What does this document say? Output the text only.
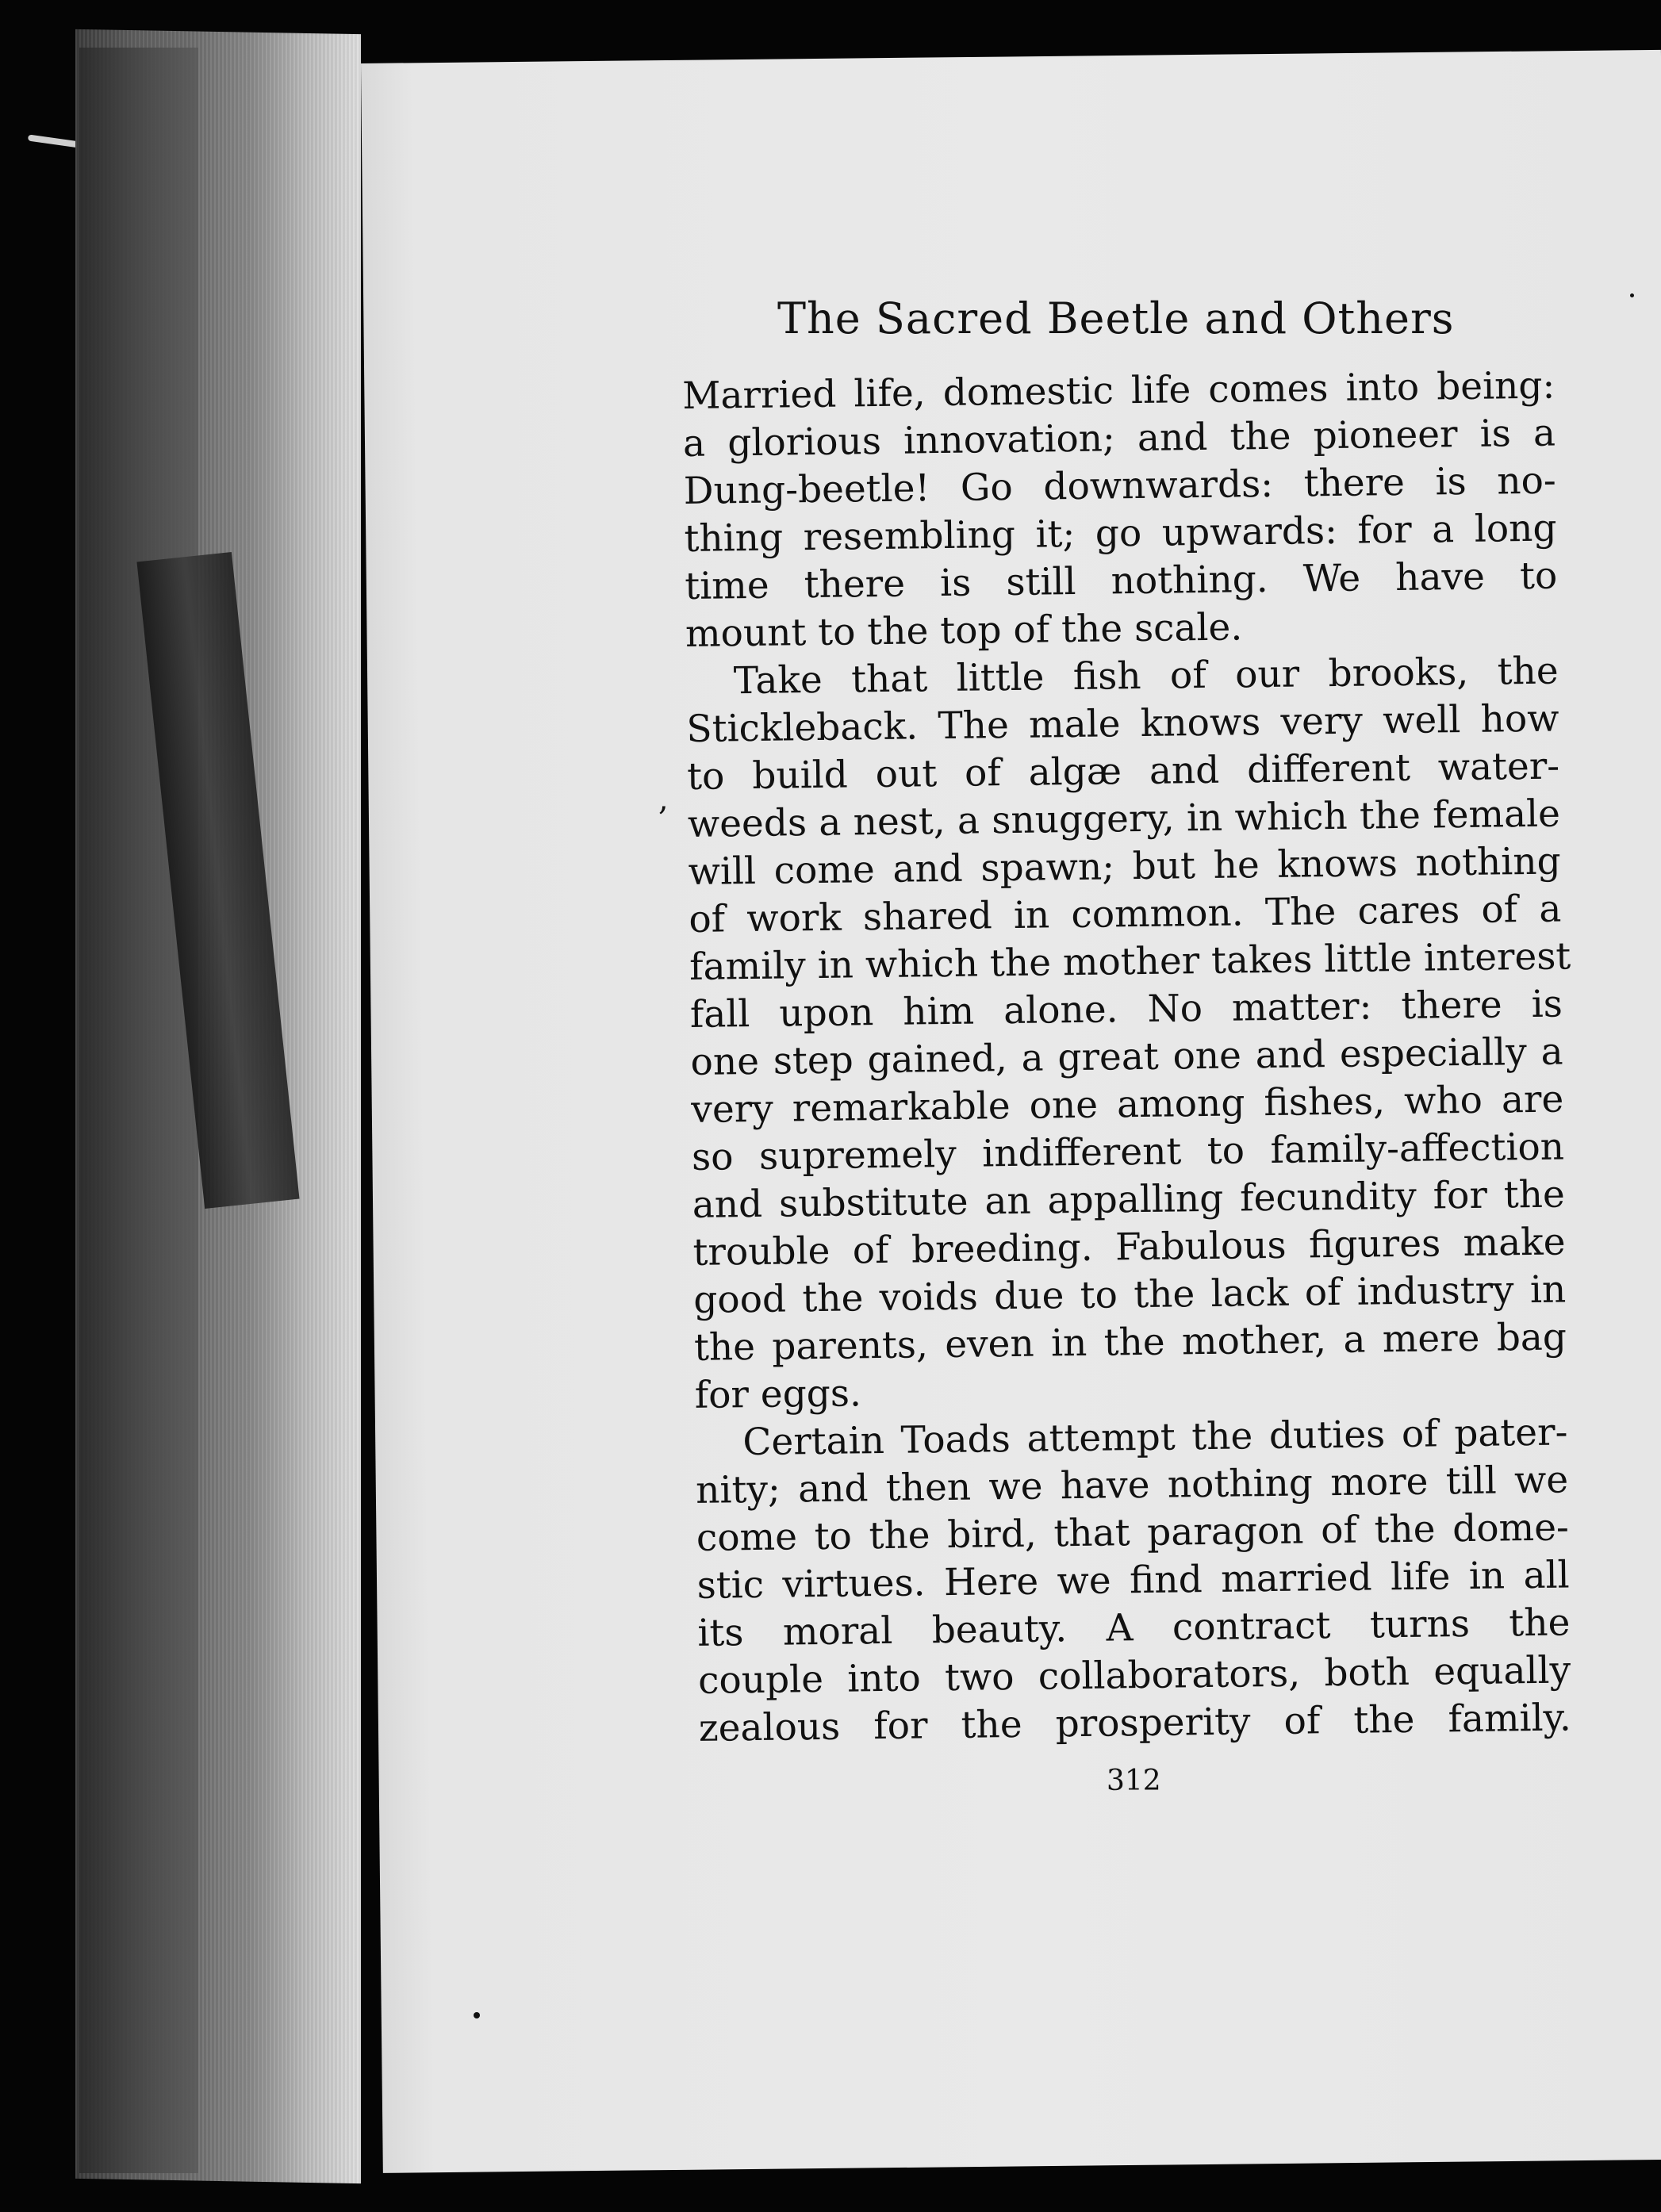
The Sacred Beetle and Others
,

Married life, domestic life comes into being:
a glorious innovation; and the pioneer is a
Dung-beetle! Go downwards: there is no-
thing resembling it; go upwards: for a long
time there is still nothing. We have to
mount to the top of the scale.

Take that little fish of our brooks, the
Stickleback. The male knows very well how
to build out of algæ and different water-
weeds a nest, a snuggery, in which the female
will come and spawn; but he knows nothing
of work shared in common. The cares of a
family in which the mother takes little interest
fall upon him alone. No matter: there is
one step gained, a great one and especially a
very remarkable one among fishes, who are
so supremely indifferent to family-affection
and substitute an appalling fecundity for the
trouble of breeding. Fabulous figures make
good the voids due to the lack of industry in
the parents, even in the mother, a mere bag
for eggs.

Certain Toads attempt the duties of pater-
nity; and then we have nothing more till we
come to the bird, that paragon of the dome-
stic virtues. Here we find married life in all
its moral beauty. A contract turns the
couple into two collaborators, both equally
zealous for the prosperity of the family.

312
